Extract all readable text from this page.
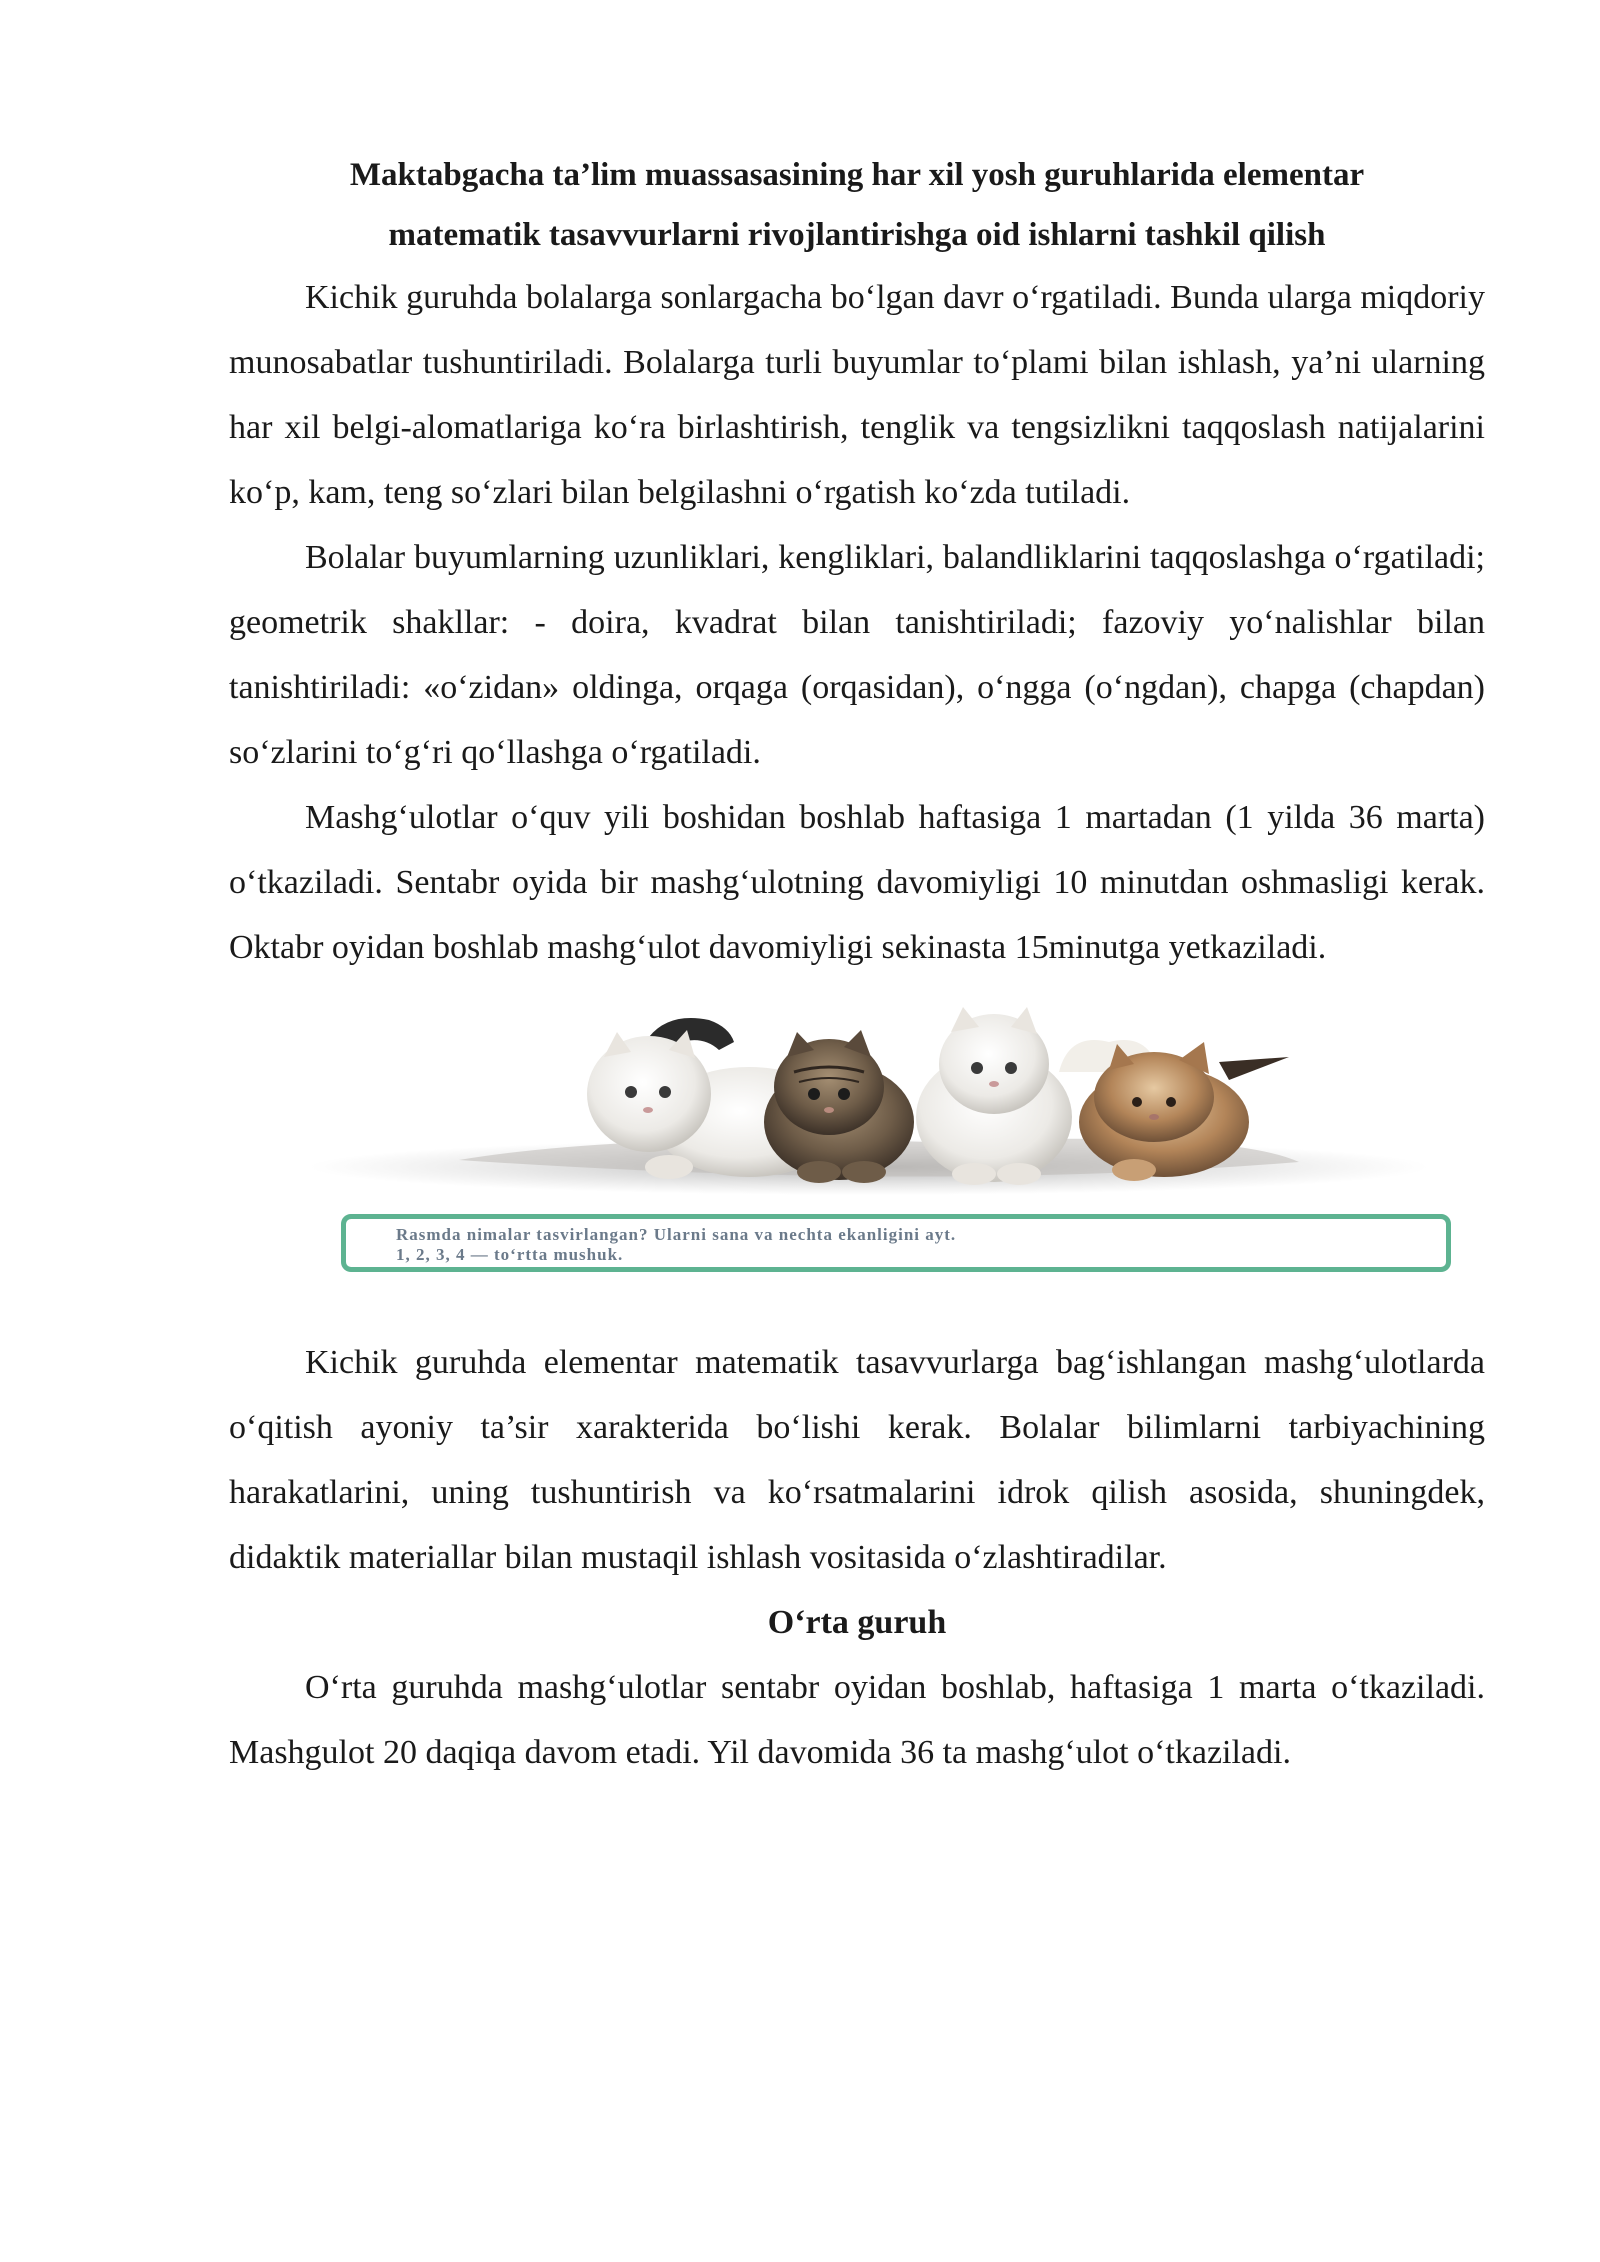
Maktabgacha ta’lim muassasasining har xil yosh guruhlarida elementar
matematik tasavvurlarni rivojlantirishga oid ishlarni tashkil qilish

Kichik guruhda bolalarga sonlargacha bo‘lgan davr o‘rgatiladi. Bunda ularga miqdoriy munosabatlar tushuntiriladi. Bolalarga turli buyumlar to‘plami bilan ishlash, ya’ni ularning har xil belgi-alomatlariga ko‘ra birlashtirish, tenglik va tengsizlikni taqqoslash natijalarini ko‘p, kam, teng so‘zlari bilan belgilashni o‘rgatish ko‘zda tutiladi.

Bolalar buyumlarning uzunliklari, kengliklari, balandliklarini taqqoslashga o‘rgatiladi; geometrik shakllar: - doira, kvadrat bilan tanishtiriladi; fazoviy yo‘nalishlar bilan tanishtiriladi: «o‘zidan» oldinga, orqaga (orqasidan), o‘ngga (o‘ngdan), chapga (chapdan) so‘zlarini to‘g‘ri qo‘llashga o‘rgatiladi.

Mashg‘ulotlar o‘quv yili boshidan boshlab haftasiga 1 martadan (1 yilda 36 marta) o‘tkaziladi. Sentabr oyida bir mashg‘ulotning davomiyligi 10 minutdan oshmasligi kerak. Oktabr oyidan boshlab mashg‘ulot davomiyligi sekinasta 15minutga yetkaziladi.

Rasmda nimalar tasvirlangan? Ularni sana va nechta ekanligini ayt.
1, 2, 3, 4 — to‘rtta mushuk.

Kichik guruhda elementar matematik tasavvurlarga bag‘ishlangan mashg‘ulotlarda o‘qitish ayoniy ta’sir xarakterida bo‘lishi kerak. Bolalar bilimlarni tarbiyachining harakatlarini, uning tushuntirish va ko‘rsatmalarini idrok qilish asosida, shuningdek, didaktik materiallar bilan mustaqil ishlash vositasida o‘zlashtiradilar.

O‘rta guruh

O‘rta guruhda mashg‘ulotlar sentabr oyidan boshlab, haftasiga 1 marta o‘tkaziladi. Mashgulot 20 daqiqa davom etadi. Yil davomida 36 ta mashg‘ulot o‘tkaziladi.
